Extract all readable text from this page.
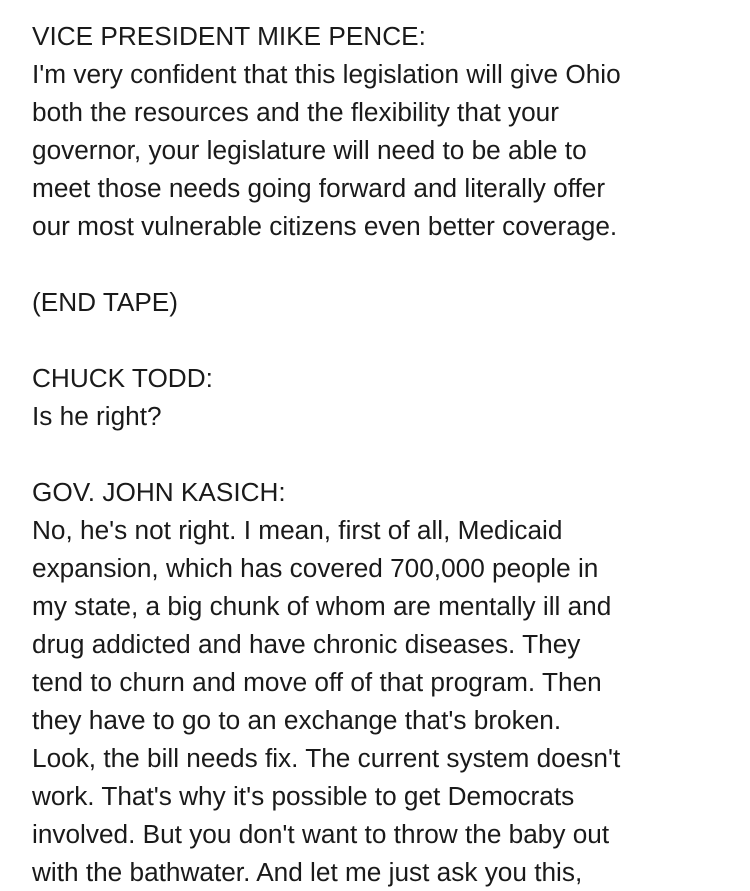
VICE PRESIDENT MIKE PENCE:
I'm very confident that this legislation will give Ohio
both the resources and the flexibility that your
governor, your legislature will need to be able to
meet those needs going forward and literally offer
our most vulnerable citizens even better coverage.
(END TAPE)
CHUCK TODD:
Is he right?
GOV. JOHN KASICH:
No, he's not right. I mean, first of all, Medicaid
expansion, which has covered 700,000 people in
my state, a big chunk of whom are mentally ill and
drug addicted and have chronic diseases. They
tend to churn and move off of that program. Then
they have to go to an exchange that's broken.
Look, the bill needs fix. The current system doesn't
work. That's why it's possible to get Democrats
involved. But you don't want to throw the baby out
with the bathwater. And let me just ask you this,
